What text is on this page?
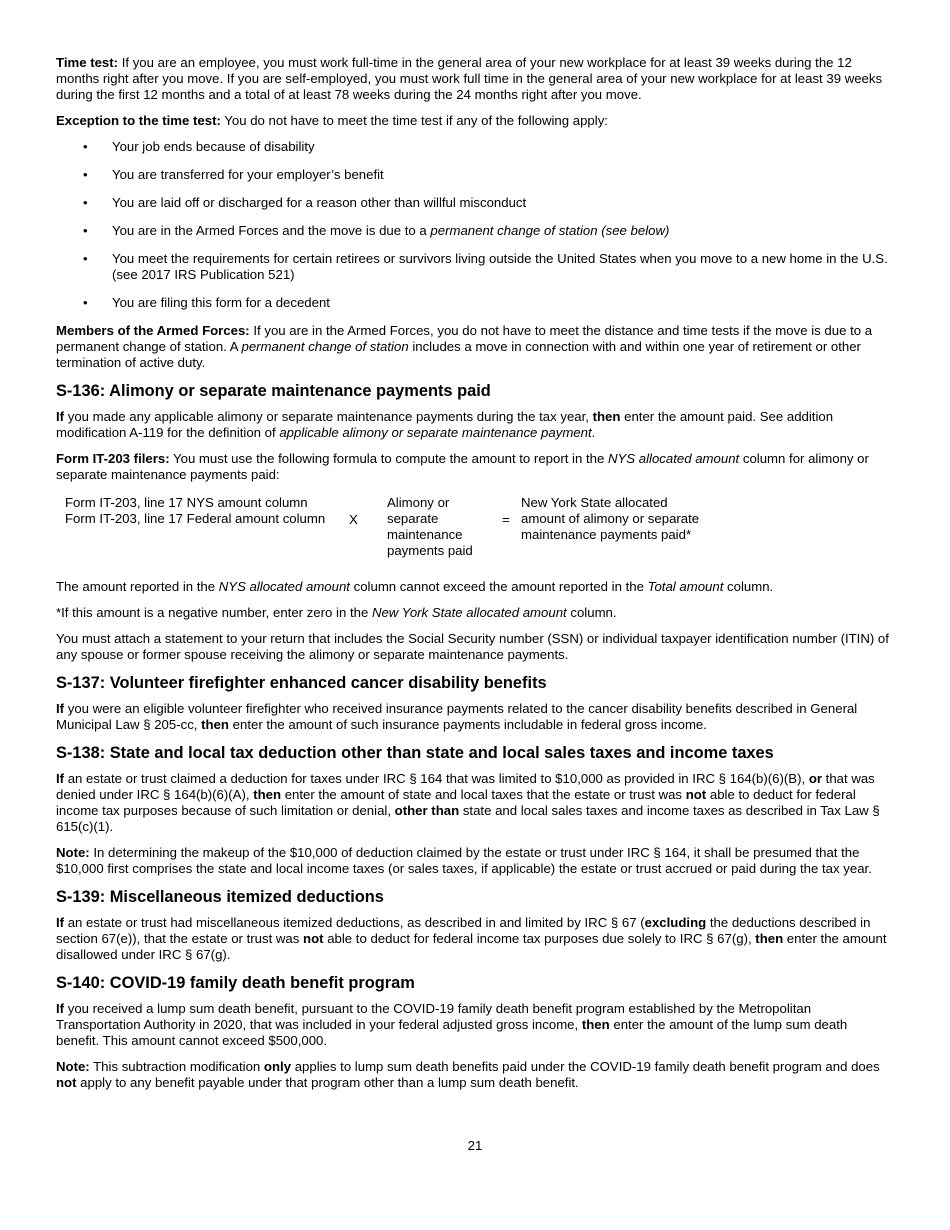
Time test: If you are an employee, you must work full-time in the general area of your new workplace for at least 39 weeks during the 12 months right after you move. If you are self-employed, you must work full time in the general area of your new workplace for at least 39 weeks during the first 12 months and a total of at least 78 weeks during the 24 months right after you move.

Exception to the time test: You do not have to meet the time test if any of the following apply:

• Your job ends because of disability
• You are transferred for your employer’s benefit
• You are laid off or discharged for a reason other than willful misconduct
• You are in the Armed Forces and the move is due to a permanent change of station (see below)
• You meet the requirements for certain retirees or survivors living outside the United States when you move to a new home in the U.S. (see 2017 IRS Publication 521)
• You are filing this form for a decedent

Members of the Armed Forces: If you are in the Armed Forces, you do not have to meet the distance and time tests if the move is due to a permanent change of station. A permanent change of station includes a move in connection with and within one year of retirement or other termination of active duty.

S-136: Alimony or separate maintenance payments paid

If you made any applicable alimony or separate maintenance payments during the tax year, then enter the amount paid. See addition modification A-119 for the definition of applicable alimony or separate maintenance payment.

Form IT-203 filers: You must use the following formula to compute the amount to report in the NYS allocated amount column for alimony or separate maintenance payments paid:

Form IT-203, line 17 NYS amount column
Form IT-203, line 17 Federal amount column	X
Alimony or separate maintenance payments paid
=
New York State allocated amount of alimony or separate maintenance payments paid*

The amount reported in the NYS allocated amount column cannot exceed the amount reported in the Total amount column.

*If this amount is a negative number, enter zero in the New York State allocated amount column.

You must attach a statement to your return that includes the Social Security number (SSN) or individual taxpayer identification number (ITIN) of any spouse or former spouse receiving the alimony or separate maintenance payments.

S-137: Volunteer firefighter enhanced cancer disability benefits

If you were an eligible volunteer firefighter who received insurance payments related to the cancer disability benefits described in General Municipal Law § 205-cc, then enter the amount of such insurance payments includable in federal gross income.

S-138: State and local tax deduction other than state and local sales taxes and income taxes

If an estate or trust claimed a deduction for taxes under IRC § 164 that was limited to $10,000 as provided in IRC § 164(b)(6)(B), or that was denied under IRC § 164(b)(6)(A), then enter the amount of state and local taxes that the estate or trust was not able to deduct for federal income tax purposes because of such limitation or denial, other than state and local sales taxes and income taxes as described in Tax Law § 615(c)(1).

Note: In determining the makeup of the $10,000 of deduction claimed by the estate or trust under IRC § 164, it shall be presumed that the $10,000 first comprises the state and local income taxes (or sales taxes, if applicable) the estate or trust accrued or paid during the tax year.

S-139: Miscellaneous itemized deductions

If an estate or trust had miscellaneous itemized deductions, as described in and limited by IRC § 67 (excluding the deductions described in section 67(e)), that the estate or trust was not able to deduct for federal income tax purposes due solely to IRC § 67(g), then enter the amount disallowed under IRC § 67(g).

S-140: COVID-19 family death benefit program

If you received a lump sum death benefit, pursuant to the COVID-19 family death benefit program established by the Metropolitan Transportation Authority in 2020, that was included in your federal adjusted gross income, then enter the amount of the lump sum death benefit. This amount cannot exceed $500,000.

Note: This subtraction modification only applies to lump sum death benefits paid under the COVID-19 family death benefit program and does not apply to any benefit payable under that program other than a lump sum death benefit.

21
